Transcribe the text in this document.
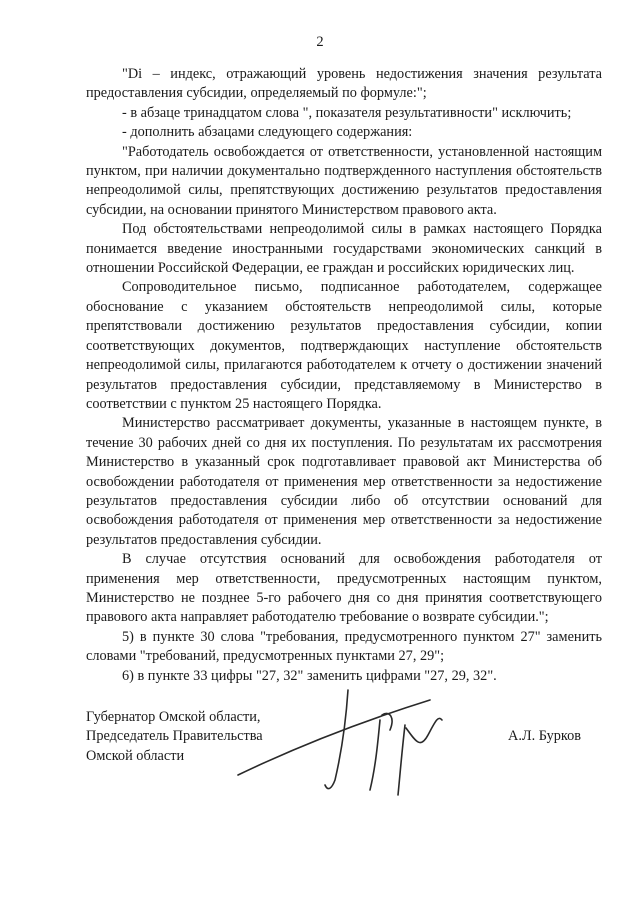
2

"Di – индекс, отражающий уровень недостижения значения результата предоставления субсидии, определяемый по формуле:";

- в абзаце тринадцатом слова ", показателя результативности" исключить;

- дополнить абзацами следующего содержания:

"Работодатель освобождается от ответственности, установленной настоящим пунктом, при наличии документально подтвержденного наступления обстоятельств непреодолимой силы, препятствующих достижению результатов предоставления субсидии, на основании принятого Министерством правового акта.

Под обстоятельствами непреодолимой силы в рамках настоящего Порядка понимается введение иностранными государствами экономических санкций в отношении Российской Федерации, ее граждан и российских юридических лиц.

Сопроводительное письмо, подписанное работодателем, содержащее обоснование с указанием обстоятельств непреодолимой силы, которые препятствовали достижению результатов предоставления субсидии, копии соответствующих документов, подтверждающих наступление обстоятельств непреодолимой силы, прилагаются работодателем к отчету о достижении значений результатов предоставления субсидии, представляемому в Министерство в соответствии с пунктом 25 настоящего Порядка.

Министерство рассматривает документы, указанные в настоящем пункте, в течение 30 рабочих дней со дня их поступления. По результатам их рассмотрения Министерство в указанный срок подготавливает правовой акт Министерства об освобождении работодателя от применения мер ответственности за недостижение результатов предоставления субсидии либо об отсутствии оснований для освобождения работодателя от применения мер ответственности за недостижение результатов предоставления субсидии.

В случае отсутствия оснований для освобождения работодателя от применения мер ответственности, предусмотренных настоящим пунктом, Министерство не позднее 5-го рабочего дня со дня принятия соответствующего правового акта направляет работодателю требование о возврате субсидии.";

5) в пункте 30 слова "требования, предусмотренного пунктом 27" заменить словами "требований, предусмотренных пунктами 27, 29";

6) в пункте 33 цифры "27, 32" заменить цифрами "27, 29, 32".

Губернатор Омской области,
Председатель Правительства
Омской области
А.Л. Бурков
